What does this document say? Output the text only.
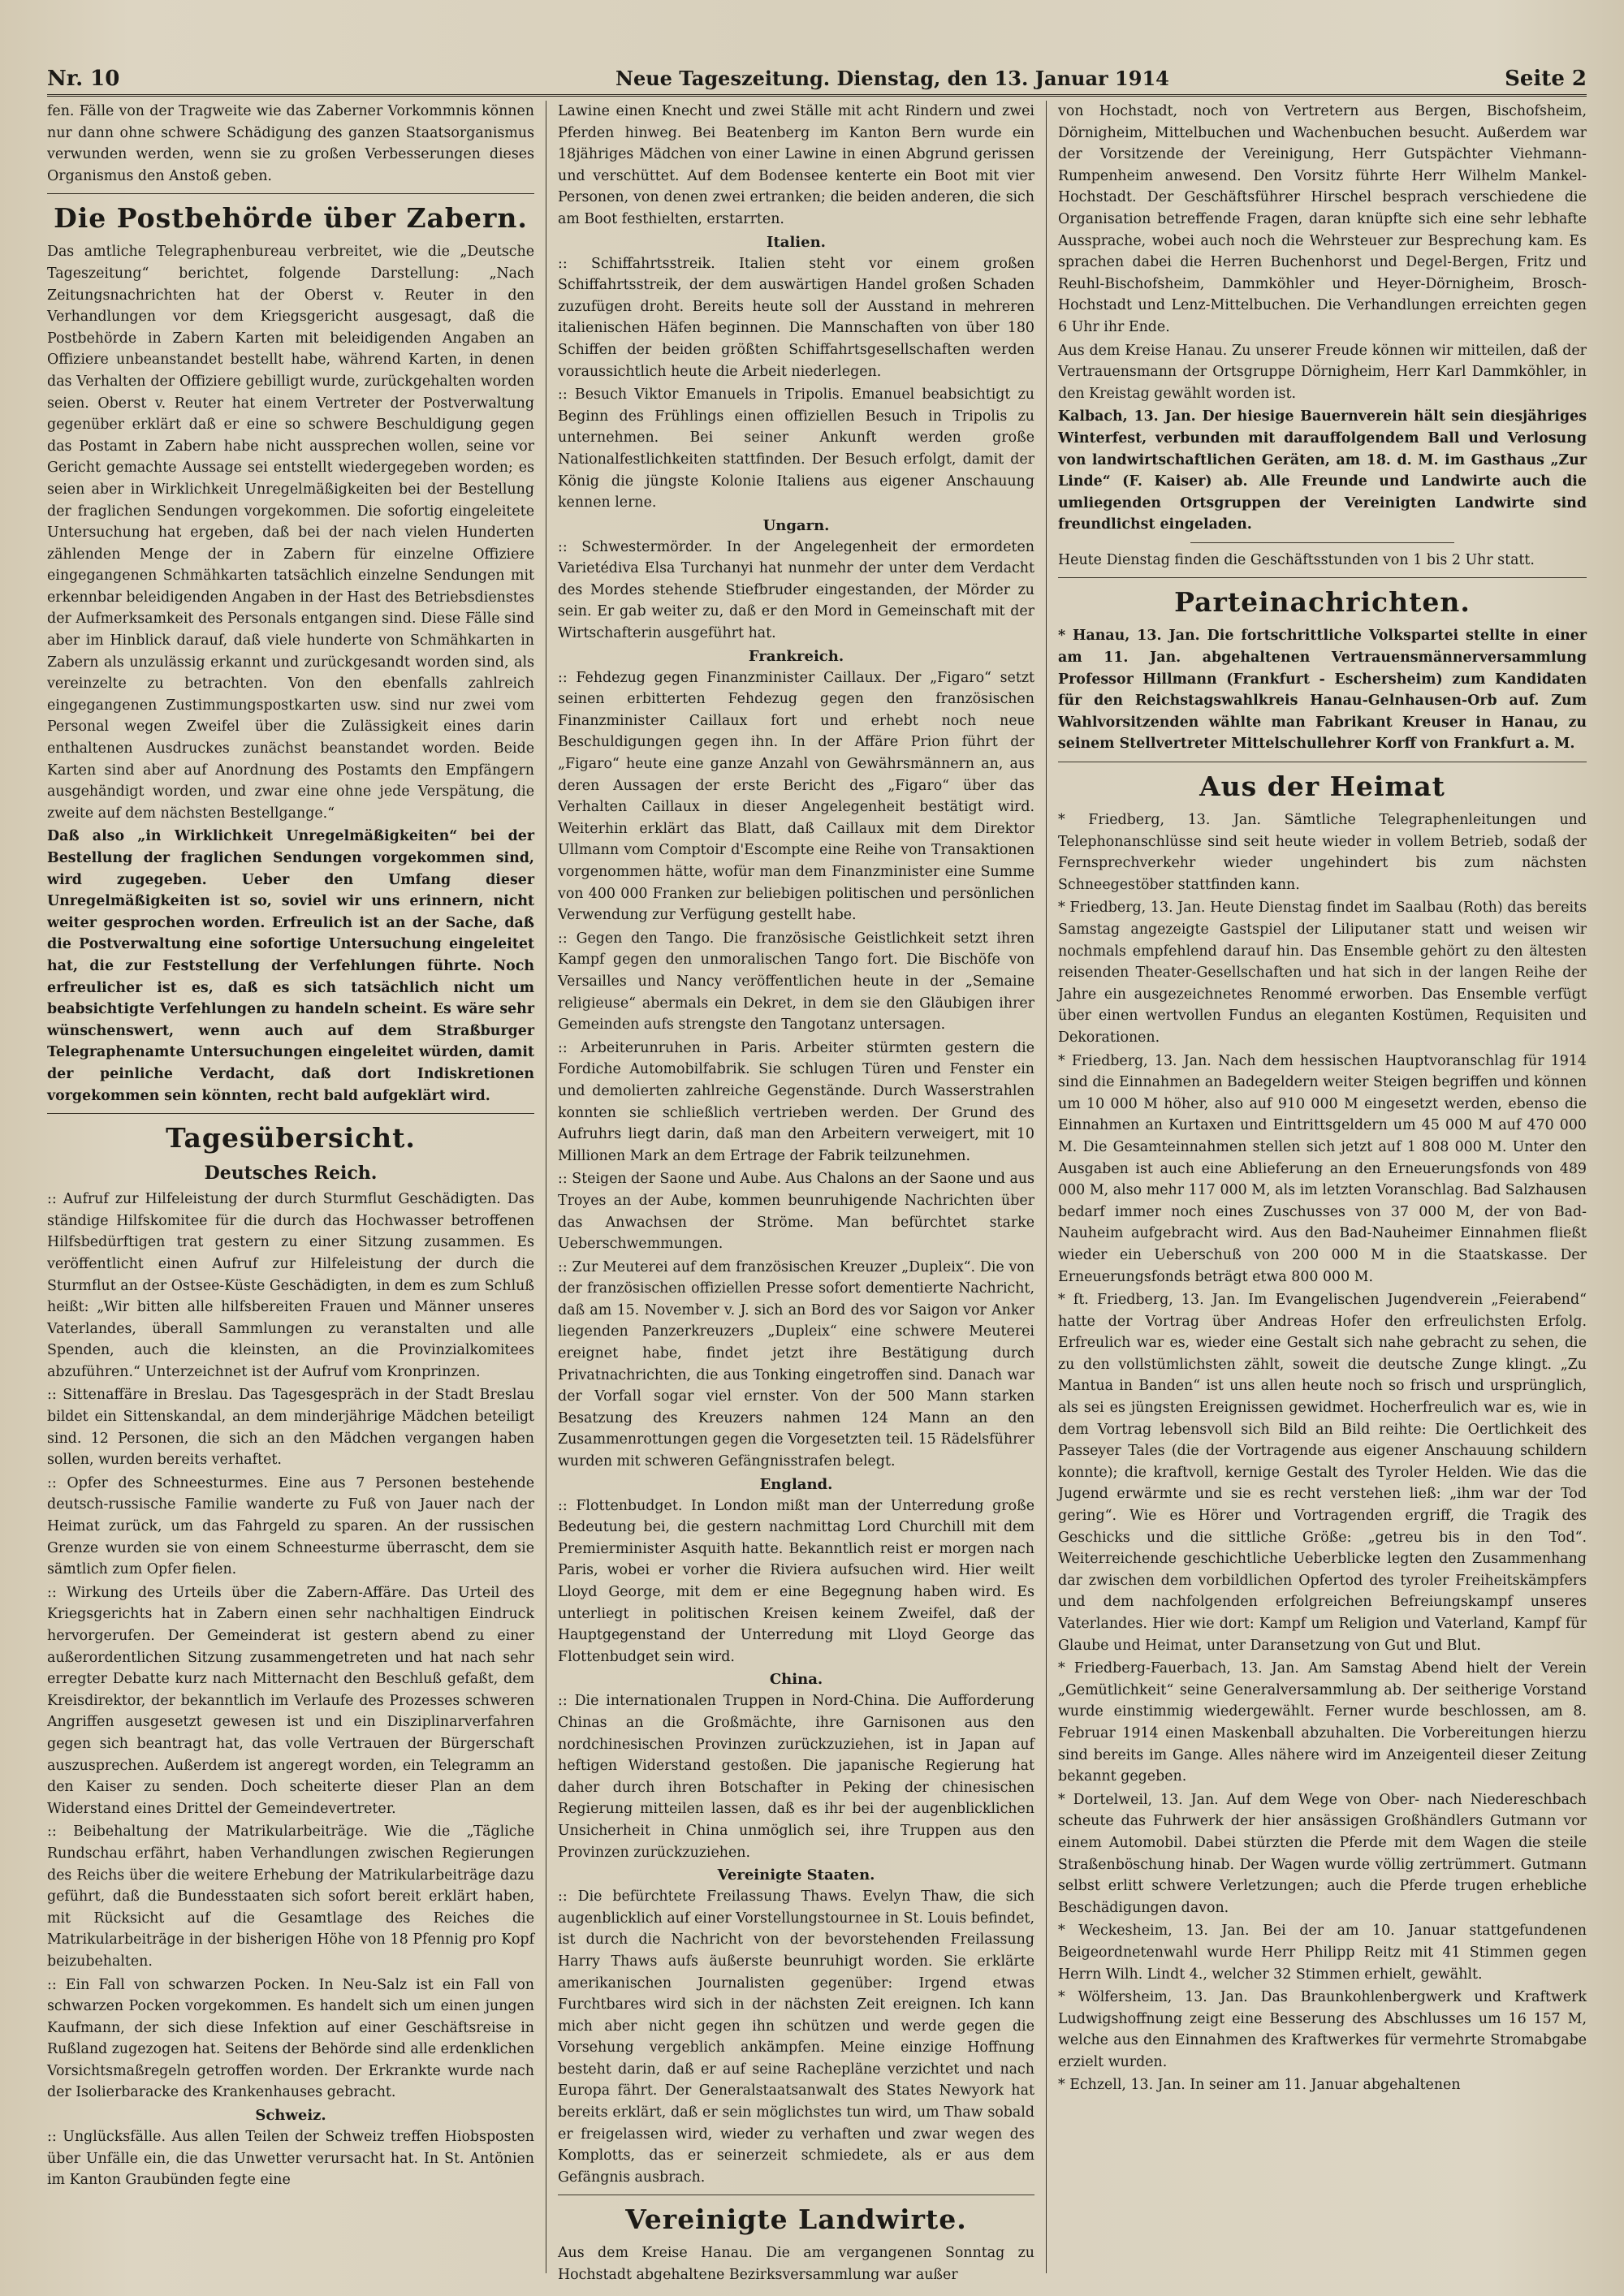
Nr. 10	Neue Tageszeitung. Dienstag, den 13. Januar 1914	Seite 2

fen. Fälle von der Tragweite wie das Zaberner Vorkommnis können nur dann ohne schwere Schädigung des ganzen Staatsorganismus verwunden werden, wenn sie zu großen Verbesserungen dieses Organismus den Anstoß geben.

Die Postbehörde über Zabern.

Das amtliche Telegraphenbureau verbreitet, wie die „Deutsche Tageszeitung“ berichtet, folgende Darstellung: „Nach Zeitungsnachrichten hat der Oberst v. Reuter in den Verhandlungen vor dem Kriegsgericht ausgesagt, daß die Postbehörde in Zabern Karten mit beleidigenden Angaben an Offiziere unbeanstandet bestellt habe, während Karten, in denen das Verhalten der Offiziere gebilligt wurde, zurückgehalten worden seien. Oberst v. Reuter hat einem Vertreter der Postverwaltung gegenüber erklärt daß er eine so schwere Beschuldigung gegen das Postamt in Zabern habe nicht aussprechen wollen, seine vor Gericht gemachte Aussage sei entstellt wiedergegeben worden; es seien aber in Wirklichkeit Unregelmäßigkeiten bei der Bestellung der fraglichen Sendungen vorgekommen. Die sofortig eingeleitete Untersuchung hat ergeben, daß bei der nach vielen Hunderten zählenden Menge der in Zabern für einzelne Offiziere eingegangenen Schmähkarten tatsächlich einzelne Sendungen mit erkennbar beleidigenden Angaben in der Hast des Betriebsdienstes der Aufmerksamkeit des Personals entgangen sind. Diese Fälle sind aber im Hinblick darauf, daß viele hunderte von Schmähkarten in Zabern als unzulässig erkannt und zurückgesandt worden sind, als vereinzelte zu betrachten. Von den ebenfalls zahlreich eingegangenen Zustimmungspostkarten usw. sind nur zwei vom Personal wegen Zweifel über die Zulässigkeit eines darin enthaltenen Ausdruckes zunächst beanstandet worden. Beide Karten sind aber auf Anordnung des Postamts den Empfängern ausgehändigt worden, und zwar eine ohne jede Verspätung, die zweite auf dem nächsten Bestellgange.“

Daß also „in Wirklichkeit Unregelmäßigkeiten“ bei der Bestellung der fraglichen Sendungen vorgekommen sind, wird zugegeben. Ueber den Umfang dieser Unregelmäßigkeiten ist so, soviel wir uns erinnern, nicht weiter gesprochen worden. Erfreulich ist an der Sache, daß die Postverwaltung eine sofortige Untersuchung eingeleitet hat, die zur Feststellung der Verfehlungen führte. Noch erfreulicher ist es, daß es sich tatsächlich nicht um beabsichtigte Verfehlungen zu handeln scheint. Es wäre sehr wünschenswert, wenn auch auf dem Straßburger Telegraphenamte Untersuchungen eingeleitet würden, damit der peinliche Verdacht, daß dort Indiskretionen vorgekommen sein könnten, recht bald aufgeklärt wird.

Tagesübersicht.
Deutsches Reich.

:: Aufruf zur Hilfeleistung der durch Sturmflut Geschädigten. Das ständige Hilfskomitee für die durch das Hochwasser betroffenen Hilfsbedürftigen trat gestern zu einer Sitzung zusammen. Es veröffentlicht einen Aufruf zur Hilfeleistung der durch die Sturmflut an der Ostsee-Küste Geschädigten, in dem es zum Schluß heißt: „Wir bitten alle hilfsbereiten Frauen und Männer unseres Vaterlandes, überall Sammlungen zu veranstalten und alle Spenden, auch die kleinsten, an die Provinzialkomitees abzuführen.“ Unterzeichnet ist der Aufruf vom Kronprinzen.

:: Sittenaffäre in Breslau. Das Tagesgespräch in der Stadt Breslau bildet ein Sittenskandal, an dem minderjährige Mädchen beteiligt sind. 12 Personen, die sich an den Mädchen vergangen haben sollen, wurden bereits verhaftet.

:: Opfer des Schneesturmes. Eine aus 7 Personen bestehende deutsch-russische Familie wanderte zu Fuß von Jauer nach der Heimat zurück, um das Fahrgeld zu sparen. An der russischen Grenze wurden sie von einem Schneesturme überrascht, dem sie sämtlich zum Opfer fielen.

:: Wirkung des Urteils über die Zabern-Affäre. Das Urteil des Kriegsgerichts hat in Zabern einen sehr nachhaltigen Eindruck hervorgerufen. Der Gemeinderat ist gestern abend zu einer außerordentlichen Sitzung zusammengetreten und hat nach sehr erregter Debatte kurz nach Mitternacht den Beschluß gefaßt, dem Kreisdirektor, der bekanntlich im Verlaufe des Prozesses schweren Angriffen ausgesetzt gewesen ist und ein Disziplinarverfahren gegen sich beantragt hat, das volle Vertrauen der Bürgerschaft auszusprechen. Außerdem ist angeregt worden, ein Telegramm an den Kaiser zu senden. Doch scheiterte dieser Plan an dem Widerstand eines Drittel der Gemeindevertreter.

:: Beibehaltung der Matrikularbeiträge. Wie die „Tägliche Rundschau erfährt, haben Verhandlungen zwischen Regierungen des Reichs über die weitere Erhebung der Matrikularbeiträge dazu geführt, daß die Bundesstaaten sich sofort bereit erklärt haben, mit Rücksicht auf die Gesamtlage des Reiches die Matrikularbeiträge in der bisherigen Höhe von 18 Pfennig pro Kopf beizubehalten.

:: Ein Fall von schwarzen Pocken. In Neu-Salz ist ein Fall von schwarzen Pocken vorgekommen. Es handelt sich um einen jungen Kaufmann, der sich diese Infektion auf einer Geschäftsreise in Rußland zugezogen hat. Seitens der Behörde sind alle erdenklichen Vorsichtsmaßregeln getroffen worden. Der Erkrankte wurde nach der Isolierbaracke des Krankenhauses gebracht.

Schweiz.

:: Unglücksfälle. Aus allen Teilen der Schweiz treffen Hiobsposten über Unfälle ein, die das Unwetter verursacht hat. In St. Antönien im Kanton Graubünden fegte eine

Lawine einen Knecht und zwei Ställe mit acht Rindern und zwei Pferden hinweg. Bei Beatenberg im Kanton Bern wurde ein 18jähriges Mädchen von einer Lawine in einen Abgrund gerissen und verschüttet. Auf dem Bodensee kenterte ein Boot mit vier Personen, von denen zwei ertranken; die beiden anderen, die sich am Boot festhielten, erstarrten.

Italien.

:: Schiffahrtsstreik. Italien steht vor einem großen Schiffahrtsstreik, der dem auswärtigen Handel großen Schaden zuzufügen droht. Bereits heute soll der Ausstand in mehreren italienischen Häfen beginnen. Die Mannschaften von über 180 Schiffen der beiden größten Schiffahrtsgesellschaften werden voraussichtlich heute die Arbeit niederlegen.

:: Besuch Viktor Emanuels in Tripolis. Emanuel beabsichtigt zu Beginn des Frühlings einen offiziellen Besuch in Tripolis zu unternehmen. Bei seiner Ankunft werden große Nationalfestlichkeiten stattfinden. Der Besuch erfolgt, damit der König die jüngste Kolonie Italiens aus eigener Anschauung kennen lerne.

Ungarn.

:: Schwestermörder. In der Angelegenheit der ermordeten Varietédiva Elsa Turchanyi hat nunmehr der unter dem Verdacht des Mordes stehende Stiefbruder eingestanden, der Mörder zu sein. Er gab weiter zu, daß er den Mord in Gemeinschaft mit der Wirtschafterin ausgeführt hat.

Frankreich.

:: Fehdezug gegen Finanzminister Caillaux. Der „Figaro“ setzt seinen erbitterten Fehdezug gegen den französischen Finanzminister Caillaux fort und erhebt noch neue Beschuldigungen gegen ihn. In der Affäre Prion führt der „Figaro“ heute eine ganze Anzahl von Gewährsmännern an, aus deren Aussagen der erste Bericht des „Figaro“ über das Verhalten Caillaux in dieser Angelegenheit bestätigt wird. Weiterhin erklärt das Blatt, daß Caillaux mit dem Direktor Ullmann vom Comptoir d'Escompte eine Reihe von Transaktionen vorgenommen hätte, wofür man dem Finanzminister eine Summe von 400 000 Franken zur beliebigen politischen und persönlichen Verwendung zur Verfügung gestellt habe.

:: Gegen den Tango. Die französische Geistlichkeit setzt ihren Kampf gegen den unmoralischen Tango fort. Die Bischöfe von Versailles und Nancy veröffentlichen heute in der „Semaine religieuse“ abermals ein Dekret, in dem sie den Gläubigen ihrer Gemeinden aufs strengste den Tangotanz untersagen.

:: Arbeiterunruhen in Paris. Arbeiter stürmten gestern die Fordiche Automobilfabrik. Sie schlugen Türen und Fenster ein und demolierten zahlreiche Gegenstände. Durch Wasserstrahlen konnten sie schließlich vertrieben werden. Der Grund des Aufruhrs liegt darin, daß man den Arbeitern verweigert, mit 10 Millionen Mark an dem Ertrage der Fabrik teilzunehmen.

:: Steigen der Saone und Aube. Aus Chalons an der Saone und aus Troyes an der Aube, kommen beunruhigende Nachrichten über das Anwachsen der Ströme. Man befürchtet starke Ueberschwemmungen.

:: Zur Meuterei auf dem französischen Kreuzer „Dupleix“. Die von der französischen offiziellen Presse sofort dementierte Nachricht, daß am 15. November v. J. sich an Bord des vor Saigon vor Anker liegenden Panzerkreuzers „Dupleix“ eine schwere Meuterei ereignet habe, findet jetzt ihre Bestätigung durch Privatnachrichten, die aus Tonking eingetroffen sind. Danach war der Vorfall sogar viel ernster. Von der 500 Mann starken Besatzung des Kreuzers nahmen 124 Mann an den Zusammenrottungen gegen die Vorgesetzten teil. 15 Rädelsführer wurden mit schweren Gefängnisstrafen belegt.

England.

:: Flottenbudget. In London mißt man der Unterredung große Bedeutung bei, die gestern nachmittag Lord Churchill mit dem Premierminister Asquith hatte. Bekanntlich reist er morgen nach Paris, wobei er vorher die Riviera aufsuchen wird. Hier weilt Lloyd George, mit dem er eine Begegnung haben wird. Es unterliegt in politischen Kreisen keinem Zweifel, daß der Hauptgegenstand der Unterredung mit Lloyd George das Flottenbudget sein wird.

China.

:: Die internationalen Truppen in Nord-China. Die Aufforderung Chinas an die Großmächte, ihre Garnisonen aus den nordchinesischen Provinzen zurückzuziehen, ist in Japan auf heftigen Widerstand gestoßen. Die japanische Regierung hat daher durch ihren Botschafter in Peking der chinesischen Regierung mitteilen lassen, daß es ihr bei der augenblicklichen Unsicherheit in China unmöglich sei, ihre Truppen aus den Provinzen zurückzuziehen.

Vereinigte Staaten.

:: Die befürchtete Freilassung Thaws. Evelyn Thaw, die sich augenblicklich auf einer Vorstellungstournee in St. Louis befindet, ist durch die Nachricht von der bevorstehenden Freilassung Harry Thaws aufs äußerste beunruhigt worden. Sie erklärte amerikanischen Journalisten gegenüber: Irgend etwas Furchtbares wird sich in der nächsten Zeit ereignen. Ich kann mich aber nicht gegen ihn schützen und werde gegen die Vorsehung vergeblich ankämpfen. Meine einzige Hoffnung besteht darin, daß er auf seine Rachepläne verzichtet und nach Europa fährt. Der Generalstaatsanwalt des States Newyork hat bereits erklärt, daß er sein möglichstes tun wird, um Thaw sobald er freigelassen wird, wieder zu verhaften und zwar wegen des Komplotts, das er seinerzeit schmiedete, als er aus dem Gefängnis ausbrach.

Vereinigte Landwirte.

Aus dem Kreise Hanau. Die am vergangenen Sonntag zu Hochstadt abgehaltene Bezirksversammlung war außer

von Hochstadt, noch von Vertretern aus Bergen, Bischofsheim, Dörnigheim, Mittelbuchen und Wachenbuchen besucht. Außerdem war der Vorsitzende der Vereinigung, Herr Gutspächter Viehmann-Rumpenheim anwesend. Den Vorsitz führte Herr Wilhelm Mankel-Hochstadt. Der Geschäftsführer Hirschel besprach verschiedene die Organisation betreffende Fragen, daran knüpfte sich eine sehr lebhafte Aussprache, wobei auch noch die Wehrsteuer zur Besprechung kam. Es sprachen dabei die Herren Buchenhorst und Degel-Bergen, Fritz und Reuhl-Bischofsheim, Dammköhler und Heyer-Dörnigheim, Brosch-Hochstadt und Lenz-Mittelbuchen. Die Verhandlungen erreichten gegen 6 Uhr ihr Ende.

Aus dem Kreise Hanau. Zu unserer Freude können wir mitteilen, daß der Vertrauensmann der Ortsgruppe Dörnigheim, Herr Karl Dammköhler, in den Kreistag gewählt worden ist.

Kalbach, 13. Jan. Der hiesige Bauernverein hält sein diesjähriges Winterfest, verbunden mit darauffolgendem Ball und Verlosung von landwirtschaftlichen Geräten, am 18. d. M. im Gasthaus „Zur Linde“ (F. Kaiser) ab. Alle Freunde und Landwirte auch die umliegenden Ortsgruppen der Vereinigten Landwirte sind freundlichst eingeladen.

Heute Dienstag finden die Geschäftsstunden von 1 bis 2 Uhr statt.

Parteinachrichten.

* Hanau, 13. Jan. Die fortschrittliche Volkspartei stellte in einer am 11. Jan. abgehaltenen Vertrauensmännerversammlung Professor Hillmann (Frankfurt - Eschersheim) zum Kandidaten für den Reichstagswahlkreis Hanau-Gelnhausen-Orb auf. Zum Wahlvorsitzenden wählte man Fabrikant Kreuser in Hanau, zu seinem Stellvertreter Mittelschullehrer Korff von Frankfurt a. M.

Aus der Heimat

* Friedberg, 13. Jan. Sämtliche Telegraphenleitungen und Telephonanschlüsse sind seit heute wieder in vollem Betrieb, sodaß der Fernsprechverkehr wieder ungehindert bis zum nächsten Schneegestöber stattfinden kann.

* Friedberg, 13. Jan. Heute Dienstag findet im Saalbau (Roth) das bereits Samstag angezeigte Gastspiel der Liliputaner statt und weisen wir nochmals empfehlend darauf hin. Das Ensemble gehört zu den ältesten reisenden Theater-Gesellschaften und hat sich in der langen Reihe der Jahre ein ausgezeichnetes Renommé erworben. Das Ensemble verfügt über einen wertvollen Fundus an eleganten Kostümen, Requisiten und Dekorationen.

* Friedberg, 13. Jan. Nach dem hessischen Hauptvoranschlag für 1914 sind die Einnahmen an Badegeldern weiter Steigen begriffen und können um 10 000 M höher, also auf 910 000 M eingesetzt werden, ebenso die Einnahmen an Kurtaxen und Eintrittsgeldern um 45 000 M auf 470 000 M. Die Gesamteinnahmen stellen sich jetzt auf 1 808 000 M. Unter den Ausgaben ist auch eine Ablieferung an den Erneuerungsfonds von 489 000 M, also mehr 117 000 M, als im letzten Voranschlag. Bad Salzhausen bedarf immer noch eines Zuschusses von 37 000 M, der von Bad-Nauheim aufgebracht wird. Aus den Bad-Nauheimer Einnahmen fließt wieder ein Ueberschuß von 200 000 M in die Staatskasse. Der Erneuerungsfonds beträgt etwa 800 000 M.

* ft. Friedberg, 13. Jan. Im Evangelischen Jugendverein „Feierabend“ hatte der Vortrag über Andreas Hofer den erfreulichsten Erfolg. Erfreulich war es, wieder eine Gestalt sich nahe gebracht zu sehen, die zu den vollstümlichsten zählt, soweit die deutsche Zunge klingt. „Zu Mantua in Banden“ ist uns allen heute noch so frisch und ursprünglich, als sei es jüngsten Ereignissen gewidmet. Hocherfreulich war es, wie in dem Vortrag lebensvoll sich Bild an Bild reihte: Die Oertlichkeit des Passeyer Tales (die der Vortragende aus eigener Anschauung schildern konnte); die kraftvoll, kernige Gestalt des Tyroler Helden. Wie das die Jugend erwärmte und sie es recht verstehen ließ: „ihm war der Tod gering“. Wie es Hörer und Vortragenden ergriff, die Tragik des Geschicks und die sittliche Größe: „getreu bis in den Tod“. Weiterreichende geschichtliche Ueberblicke legten den Zusammenhang dar zwischen dem vorbildlichen Opfertod des tyroler Freiheitskämpfers und dem nachfolgenden erfolgreichen Befreiungskampf unseres Vaterlandes. Hier wie dort: Kampf um Religion und Vaterland, Kampf für Glaube und Heimat, unter Daransetzung von Gut und Blut.

* Friedberg-Fauerbach, 13. Jan. Am Samstag Abend hielt der Verein „Gemütlichkeit“ seine Generalversammlung ab. Der seitherige Vorstand wurde einstimmig wiedergewählt. Ferner wurde beschlossen, am 8. Februar 1914 einen Maskenball abzuhalten. Die Vorbereitungen hierzu sind bereits im Gange. Alles nähere wird im Anzeigenteil dieser Zeitung bekannt gegeben.

* Dortelweil, 13. Jan. Auf dem Wege von Ober- nach Niedereschbach scheute das Fuhrwerk der hier ansässigen Großhändlers Gutmann vor einem Automobil. Dabei stürzten die Pferde mit dem Wagen die steile Straßenböschung hinab. Der Wagen wurde völlig zertrümmert. Gutmann selbst erlitt schwere Verletzungen; auch die Pferde trugen erhebliche Beschädigungen davon.

* Weckesheim, 13. Jan. Bei der am 10. Januar stattgefundenen Beigeordnetenwahl wurde Herr Philipp Reitz mit 41 Stimmen gegen Herrn Wilh. Lindt 4., welcher 32 Stimmen erhielt, gewählt.

* Wölfersheim, 13. Jan. Das Braunkohlenbergwerk und Kraftwerk Ludwigshoffnung zeigt eine Besserung des Abschlusses um 16 157 M, welche aus den Einnahmen des Kraftwerkes für vermehrte Stromabgabe erzielt wurden.

* Echzell, 13. Jan. In seiner am 11. Januar abgehaltenen
